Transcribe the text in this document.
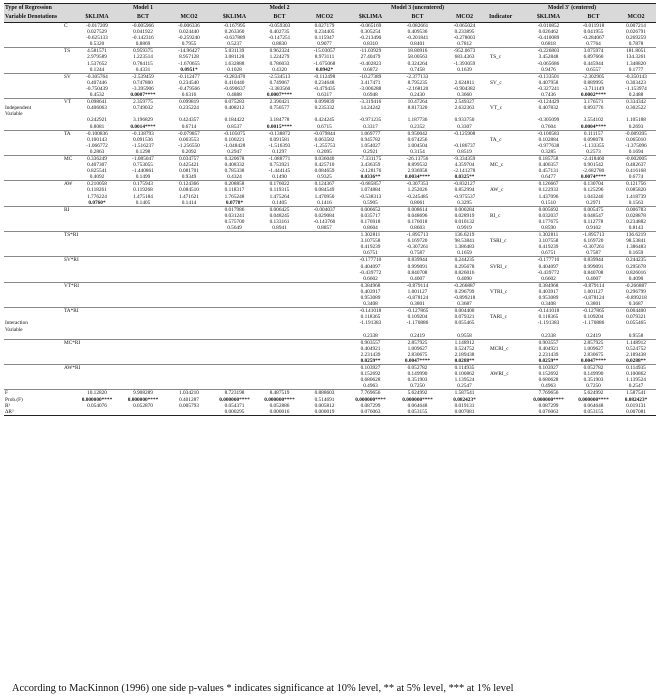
Type of Regression	Model 1			Model 2			Model 3 (uncentered)			Model 3' (centered)			
Variable Denotations	$KLIMA	BCT	MCO2	$KLIMA	BCT	MCO2	$KLIMA	BCT	MCO2	Indicator	$KLIMA	BCT	MCO2
C	-0.017209	-0.005966	-0.006336	-0.167995	-0.059303	0.027179	-0.065169	-0.082661	-0.065024		-0.010852	-0.011918	0.007214
	0.027529	0.041922	0.024440	0.263360	0.402735	0.234405	0.305254	0.409536	0.233895		0.026462	0.041955	0.026791
	-0.625133	-0.142316	-0.259240	-0.637889	-0.147251	0.115947	-0.213490	-0.201841	-0.278003		-0.410089	-0.284067	0.269259
	0.5320	0.8869	0.7955	0.5237	0.8830	0.9077	0.8310	0.8401	0.7812		0.6818	0.7764	0.7878
TS	4.581571	0.959375	-14.96427	5.031139	0.962324	-15.03057	-11.03929	18.80916	-952.0673		-0.226803	3.075974	181.8051
	2.979589	1.223514	8.957128	3.081128	1.224279	8.973111	27.40479	58.00563	683.4363	TS_c	3.452848	6.897666	134.3261
	1.537652	0.784115	-1.670655	1.632888	0.786033	-1.675068	-0.402823	0.324264	-1.393059		-0.065686	0.445944	1.348820
	0.1244	0.4331	0.0951*	0.1028	0.4320	0.0942*	0.6872	0.7458	0.1639		0.9476	0.6557	0.1777
SV	-0.305764	-2.539459	-0.112477	-0.283470	-2.534513	-0.112498	-10.27389	-2.377133			-0.133501	-2.302905	-0.350143
	0.407446	0.747800	0.234540	0.410440	0.749067	0.234648	3.417471	8.795235	2.624811	SV_c	0.407958	0.889995	0.303423
	-0.750439	-3.395906	-0.479566	-0.690637	-3.383560	-0.479435	-3.006288	-2.168120	-0.904382		-0.327241	-3.711149	-1.153974
	0.4532	0.0007****	0.6316	0.4888	0.0007****	0.6317	0.6948	0.2430	0.3660		0.7436	0.0002****	0.2488
VT	0.098641	2.359775	0.099819	0.075283	2.390421	0.099839	-3.319416	10.47264	2.549327		-0.124429	3.176571	0.334342
Independent
Variable	0.406063	0.749032	0.235224	0.408212	0.750577	0.235332	14.24242	8.817320	2.632363	VT_c	0.407832	0.893776	0.302522
	0.242921	3.196829	0.424357	0.184422	3.184778	0.424245	-0.971235	1.187736	0.933750		-0.305099	3.554102	1.105188
	0.8081	0.0014****	0.6714	0.8537	0.0015****	0.6715	0.3317	0.2352	0.3307		0.7604	0.0004****	0.2693
TA	-0.100836	-0.138793	-0.079857	-0.105075	-0.138872	-0.079844	1.069777	0.950042	-0.125908		-0.100583	0.111157	-0.089395
	0.100143	0.091536	0.063553	0.100221	0.091581	0.063582	0.945782	0.674256		TA_c	0.102884	0.098078	0.065010
	-1.066772	-1.516237	-1.256550	-1.048428	-1.516393	-1.255753	1.054027	1.004504	-0.186737		-0.977638	-1.133355	-1.375096
	0.2863	0.1298	0.2092	0.2947	0.1297	0.2095	0.2921	0.3154	0.8519		0.3285	0.2573	0.1694
MC	0.336249	-1.085047	0.034757	0.320678	-1.088771	0.036040	-7.331175	-26.13756	-9.334359		0.185758	-2.418460	-0.002005
	0.407307	0.753055	0.425421	0.408332	0.753921	0.425710	3.436359	8.899532	4.359704	MC_c	0.406357	0.901542	0.482637
	0.825541	-1.440861	0.081701	0.785338	-1.444145	0.084659	-2.128176	2.936958	-2.141278		0.457131	-2.682780	0.416168
	0.4092	0.1499	0.9349	0.4324	0.1490	0.9325	0.0336**	0.0034****	0.0325**		0.6477	0.0074****	0.6774
AW	0.210058	0.175943	0.124366	0.208858	0.176022	0.124367	-0.685857	-0.307353	-0.832127		0.126667	0.130704	0.121756
	0.118261	0.119268	0.084510	0.118317	0.119315	0.084549	1.074884	1.252026	0.852994	AW_c	0.122933	0.125296	0.085820
	1.776224	1.475184	1.471621	1.765248	1.475264	1.470950	-0.538313	-0.245485	-0.975537		1.437096	1.043246	1.418739
	0.0760*	0.1405	0.1414	0.0778*	0.1405	0.1416	0.5905	0.8061	0.3295		0.1510	0.2971	0.1563
RI				0.017986	0.006425	-0.004037	0.006652	0.008614	0.000284		0.005692	0.005475	0.006783
				0.031241	0.048245	0.029084	0.035717	0.048696	0.028919	RI_c	0.032037	0.048547	0.028878
				0.575700	0.133161	-0.143760	0.176918	0.176018	0.010132		0.177675	0.112778	0.234882
				0.5649	0.8941	0.8857	0.8604	0.8603	0.9919		0.8590	0.9102	0.8143
TS*RI							1.302811	-1.895713	136.6219		1.302811	-1.895713	136.6219
							3.107558	6.169720	98.53841	TSRI_c	3.107558	6.169720	98.53841
							0.419239	-0.307261	1.386483		0.419239	-0.307261	1.386483
							0.6751	0.7587	0.1659		0.6751	0.7587	0.1659
SV*RI							-0.177710	0.839944	0.244235		-0.177710	0.839944	0.244235
							0.404097	0.999091	0.295678	SVRI_c	0.404097	0.999091	0.295678
							-0.439772	0.840708	0.826016		-0.439772	0.840708	0.826016
							0.6602	0.4007	0.4090		0.6602	0.4007	0.4090
VT*RI							0.384968	-0.879114	-0.266887		0.384968	-0.879114	-0.266887
							0.403917	1.001127	0.296799	VTRI_c	0.403917	1.001127	0.296799
							0.953089	-0.878124	-0.899218		0.953089	-0.878124	-0.899218
							0.3408	0.3801	0.3687		0.3408	0.3801	0.3687
TA*RI							-0.141018	-0.127865	0.004400		-0.141018	-0.127865	0.004400
							0.118365	0.109204	0.079321	TARI_c	0.118365	0.109204	0.079321
Interaction
Variable							-1.191383	-1.170886	0.055465		-1.191383	-1.170886	0.055465
							0.2338	0.2419	0.9558		0.2338	0.2419	0.9558
MC*RI							0.903557	2.857925	1.148912		0.903557	2.857925	1.148912
							0.404921	1.009627	0.524752	MCRI_c	0.404921	1.009627	0.524752
							2.231439	2.830675	2.189438		2.231439	2.830675	2.189438
							0.0259**	0.0047****	0.0288**		0.0259**	0.0047****	0.0288**
AW*RI							0.103927	0.052782	0.114935		0.103927	0.052782	0.114935
							0.152692	0.149990	0.100862	AWRI_c	0.152692	0.149990	0.100862
							0.680628	0.351903	1.139524		0.680628	0.351903	1.139524
							0.4963	0.7250	0.2547		0.4963	0.7250	0.2547
F	10.12820	9.908289	1.034210	8.723198	8.487519	0.888603	7.769656	5.624992	1.587541		7.769656	5.624992	1.587541
Prob.(F)	0.000000****	0.000000****	0.401287	0.000000****	0.000000****	0.514691	0.000000****	0.000000****	0.082423*		0.000000****	0.000000****	0.082423*
R²	0.054076	0.052870	0.005793	0.054371	0.052886	0.005812	0.087299	0.064648	0.019131		0.087299	0.064648	0.019131
ΔR²				0.000295	0.000016	0.000019	0.076063	0.053155	0.007081		0.076063	0.053155	0.007081
According to MacKinnon (1996) one side p-values * indicates significance at 10% level, ** at 5% level, *** at 1% level
